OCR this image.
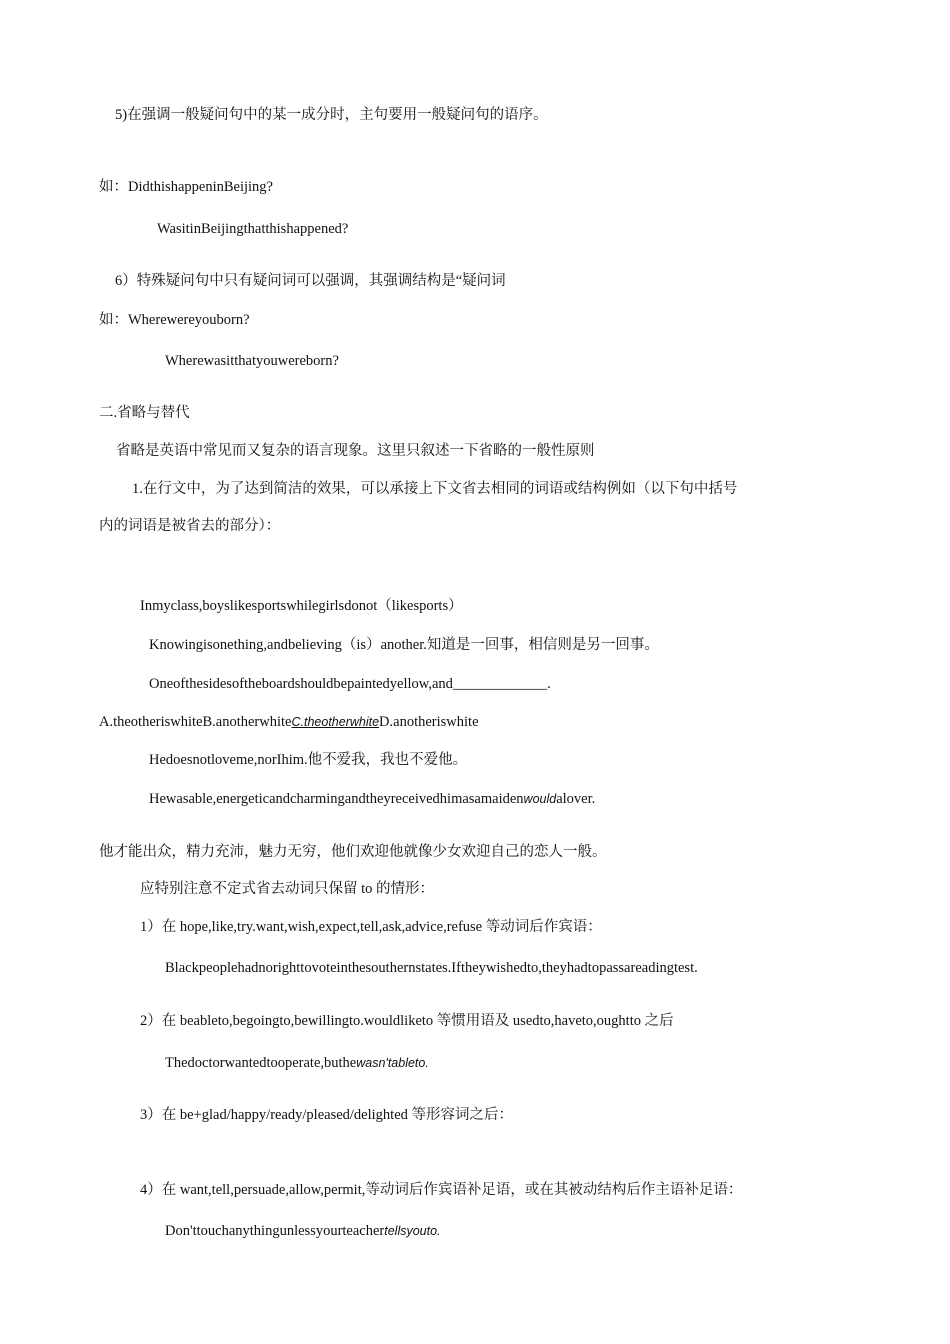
5)在强调一般疑问句中的某一成分时，主句要用一般疑问句的语序。
如：DidthishappeninBeijing?
WasitinBeijingthatthishappened?
6）特殊疑问句中只有疑问词可以强调，其强调结构是“疑问词
如：Wherewereyouborn?
Wherewasitthatyouwereborn?
二.省略与替代
省略是英语中常见而又复杂的语言现象。这里只叙述一下省略的一般性原则
1.在行文中，为了达到简洁的效果，可以承接上下文省去相同的词语或结构例如（以下句中括号
内的词语是被省去的部分）：
Inmyclass,boyslikesportswhilegirlsdonot（likesports）
Knowingisonething,andbelieving（is）another.知道是一回事，相信则是另一回事。
Oneofthesidesoftheboardshouldbepaintedyellow,and_____________.
A.theotheriswhiteB.anotherwhiteC.theotherwhiteD.anotheriswhite
Hedoesnotloveme,norIhim.他不爱我，我也不爱他。
Hewasable,energeticandcharmingandtheyreceivedhimasamaidenwouldalover.
他才能出众，精力充沛，魅力无穷，他们欢迎他就像少女欢迎自己的恋人一般。
应特别注意不定式省去动词只保留 to 的情形：
1）在 hope,like,try.want,wish,expect,tell,ask,advice,refuse 等动词后作宾语：
Blackpeoplehadnorighttovoteinthesouthernstates.Iftheywishedto,theyhadtopassareadingtest.
2）在 beableto,begoingto,bewillingto.wouldliketo 等惯用语及 usedto,haveto,oughtto 之后
Thedoctorwantedtooperate,buthewasn'tableto.
3）在 be+glad/happy/ready/pleased/delighted 等形容词之后：
4）在 want,tell,persuade,allow,permit,等动词后作宾语补足语，或在其被动结构后作主语补足语：
Don'ttouchanythingunlessyourteachertellsyouto.
